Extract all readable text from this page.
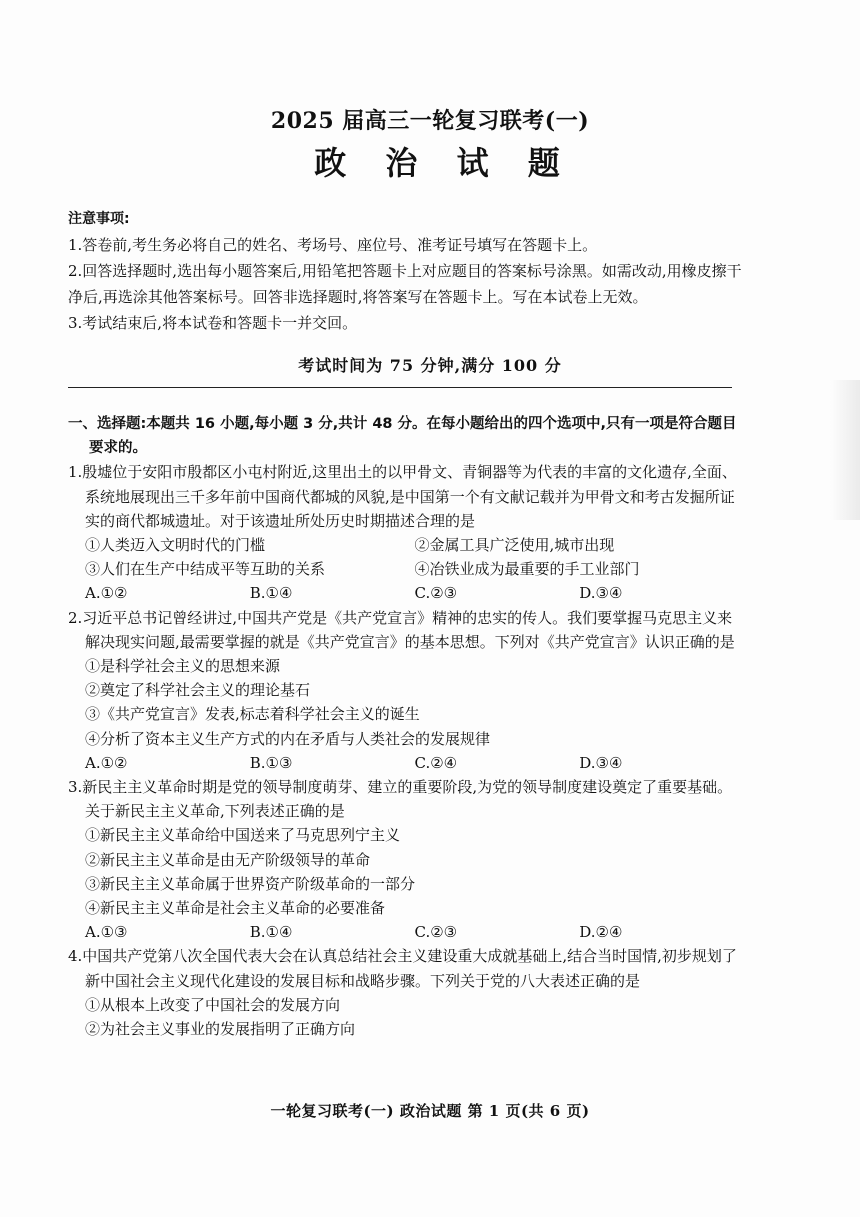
2025 届高三一轮复习联考(一)
政 治 试 题

注意事项:

1.答卷前,考生务必将自己的姓名、考场号、座位号、准考证号填写在答题卡上。

2.回答选择题时,选出每小题答案后,用铅笔把答题卡上对应题目的答案标号涂黑。如需改动,用橡皮擦干净后,再选涂其他答案标号。回答非选择题时,将答案写在答题卡上。写在本试卷上无效。

3.考试结束后,将本试卷和答题卡一并交回。

考试时间为 75 分钟,满分 100 分

一、选择题:本题共 16 小题,每小题 3 分,共计 48 分。在每小题给出的四个选项中,只有一项是符合题目要求的。

1.殷墟位于安阳市殷都区小屯村附近,这里出土的以甲骨文、青铜器等为代表的丰富的文化遗存,全面、系统地展现出三千多年前中国商代都城的风貌,是中国第一个有文献记载并为甲骨文和考古发掘所证实的商代都城遗址。对于该遗址所处历史时期描述合理的是

①人类迈入文明时代的门槛	②金属工具广泛使用,城市出现
③人们在生产中结成平等互助的关系	④冶铁业成为最重要的手工业部门
A.①②	B.①④	C.②③	D.③④

2.习近平总书记曾经讲过,中国共产党是《共产党宣言》精神的忠实的传人。我们要掌握马克思主义来解决现实问题,最需要掌握的就是《共产党宣言》的基本思想。下列对《共产党宣言》认识正确的是

①是科学社会主义的思想来源

②奠定了科学社会主义的理论基石

③《共产党宣言》发表,标志着科学社会主义的诞生

④分析了资本主义生产方式的内在矛盾与人类社会的发展规律

A.①②	B.①③	C.②④	D.③④

3.新民主主义革命时期是党的领导制度萌芽、建立的重要阶段,为党的领导制度建设奠定了重要基础。关于新民主主义革命,下列表述正确的是

①新民主主义革命给中国送来了马克思列宁主义

②新民主主义革命是由无产阶级领导的革命

③新民主主义革命属于世界资产阶级革命的一部分

④新民主主义革命是社会主义革命的必要准备

A.①③	B.①④	C.②③	D.②④

4.中国共产党第八次全国代表大会在认真总结社会主义建设重大成就基础上,结合当时国情,初步规划了新中国社会主义现代化建设的发展目标和战略步骤。下列关于党的八大表述正确的是

①从根本上改变了中国社会的发展方向

②为社会主义事业的发展指明了正确方向

一轮复习联考(一) 政治试题 第 1 页(共 6 页)
